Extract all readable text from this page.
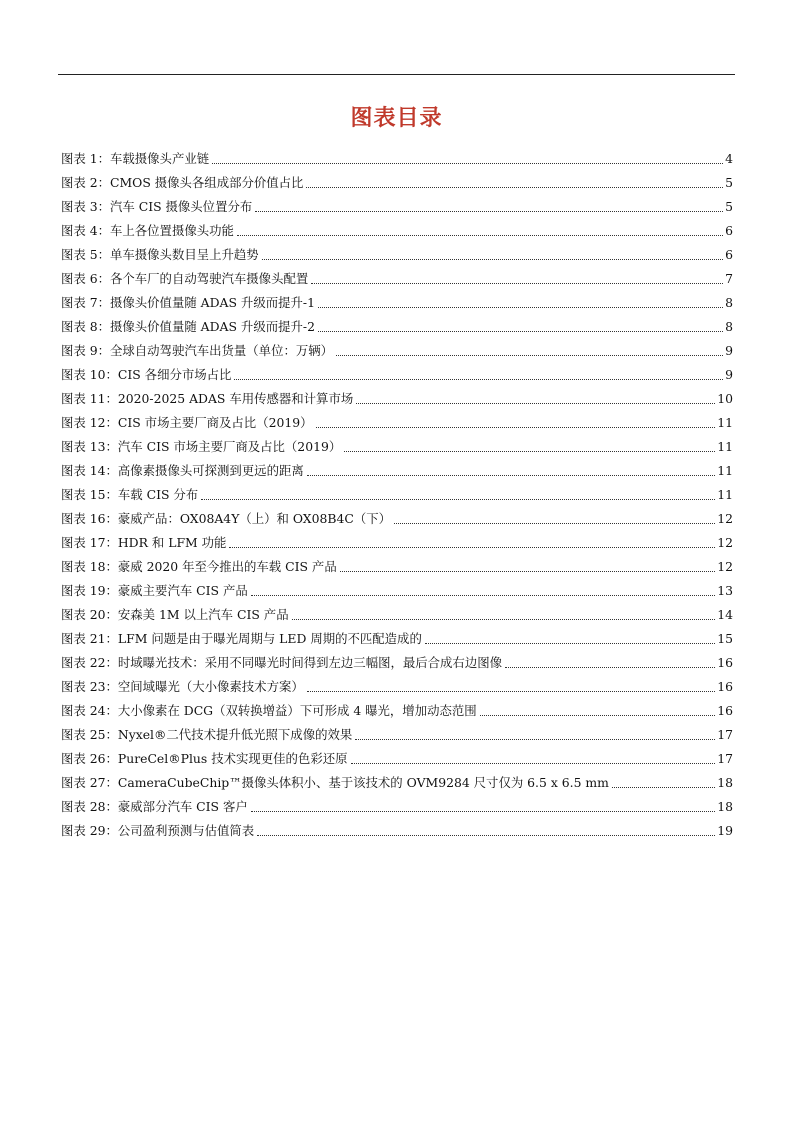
图表目录
图表 1：车载摄像头产业链	4
图表 2：CMOS 摄像头各组成部分价值占比	5
图表 3：汽车 CIS 摄像头位置分布	5
图表 4：车上各位置摄像头功能	6
图表 5：单车摄像头数目呈上升趋势	6
图表 6：各个车厂的自动驾驶汽车摄像头配置	7
图表 7：摄像头价值量随 ADAS 升级而提升-1	8
图表 8：摄像头价值量随 ADAS 升级而提升-2	8
图表 9：全球自动驾驶汽车出货量（单位：万辆）	9
图表 10：CIS 各细分市场占比	9
图表 11：2020-2025 ADAS 车用传感器和计算市场	10
图表 12：CIS 市场主要厂商及占比（2019）	11
图表 13：汽车 CIS 市场主要厂商及占比（2019）	11
图表 14：高像素摄像头可探测到更远的距离	11
图表 15：车载 CIS 分布	11
图表 16：豪威产品：OX08A4Y（上）和 OX08B4C（下）	12
图表 17：HDR 和 LFM 功能	12
图表 18：豪威 2020 年至今推出的车载 CIS 产品	12
图表 19：豪威主要汽车 CIS 产品	13
图表 20：安森美 1M 以上汽车 CIS 产品	14
图表 21：LFM 问题是由于曝光周期与 LED 周期的不匹配造成的	15
图表 22：时域曝光技术：采用不同曝光时间得到左边三幅图，最后合成右边图像	16
图表 23：空间域曝光（大小像素技术方案）	16
图表 24：大小像素在 DCG（双转换增益）下可形成 4 曝光，增加动态范围	16
图表 25：Nyxel®二代技术提升低光照下成像的效果	17
图表 26：PureCel®Plus 技术实现更佳的色彩还原	17
图表 27：CameraCubeChip™摄像头体积小、基于该技术的 OVM9284 尺寸仅为 6.5 x 6.5 mm	18
图表 28：豪威部分汽车 CIS 客户	18
图表 29：公司盈利预测与估值简表	19
